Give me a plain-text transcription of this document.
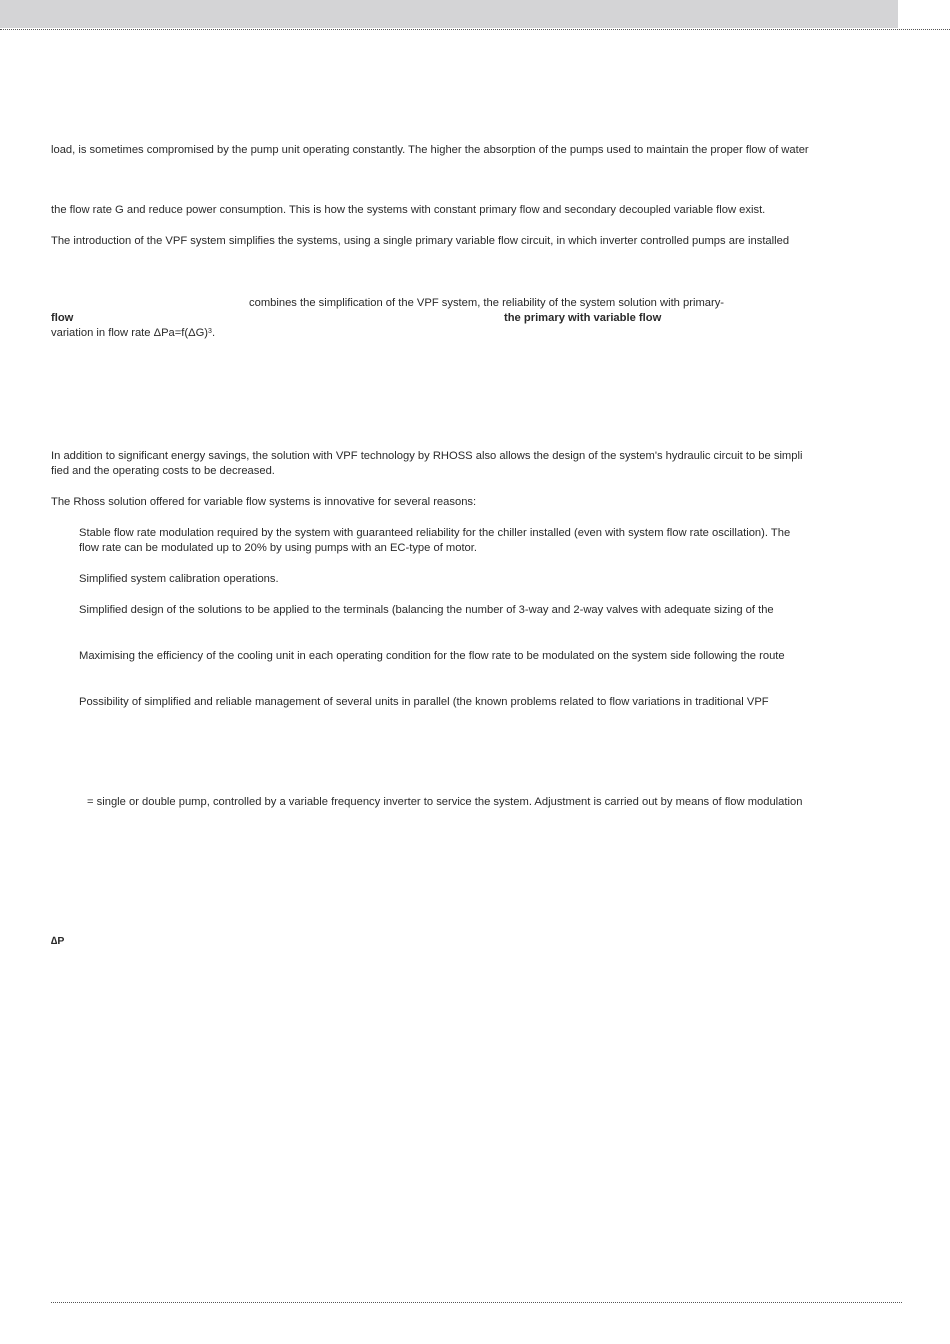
load, is sometimes compromised by the pump unit operating constantly. The higher the absorption of the pumps used to maintain the proper flow of water
the flow rate G and reduce power consumption. This is how the systems with constant primary flow and secondary decoupled variable flow exist.
The introduction of the VPF system simplifies the systems, using a single primary variable flow circuit, in which inverter controlled pumps are installed
combines the simplification of the VPF system, the reliability of the system solution with primary-
flow	the primary with variable flow
variation in flow rate $\Delta Pa=f(\Delta G)^3$.
In addition to significant energy savings, the solution with VPF technology by RHOSS also allows the design of the system's hydraulic circuit to be simpli
fied and the operating costs to be decreased.
The Rhoss solution offered for variable flow systems is innovative for several reasons:
Stable flow rate modulation required by the system with guaranteed reliability for the chiller installed (even with system flow rate oscillation). The
flow rate can be modulated up to 20% by using pumps with an EC-type of motor.
Simplified system calibration operations.
Simplified design of the solutions to be applied to the terminals (balancing the number of 3-way and 2-way valves with adequate sizing of the
Maximising the efficiency of the cooling unit in each operating condition for the flow rate to be modulated on the system side following the route
Possibility of simplified and reliable management of several units in parallel (the known problems related to flow variations in traditional VPF
= single or double pump, controlled by a variable frequency inverter to service the system. Adjustment is carried out by means of flow modulation
∆P
